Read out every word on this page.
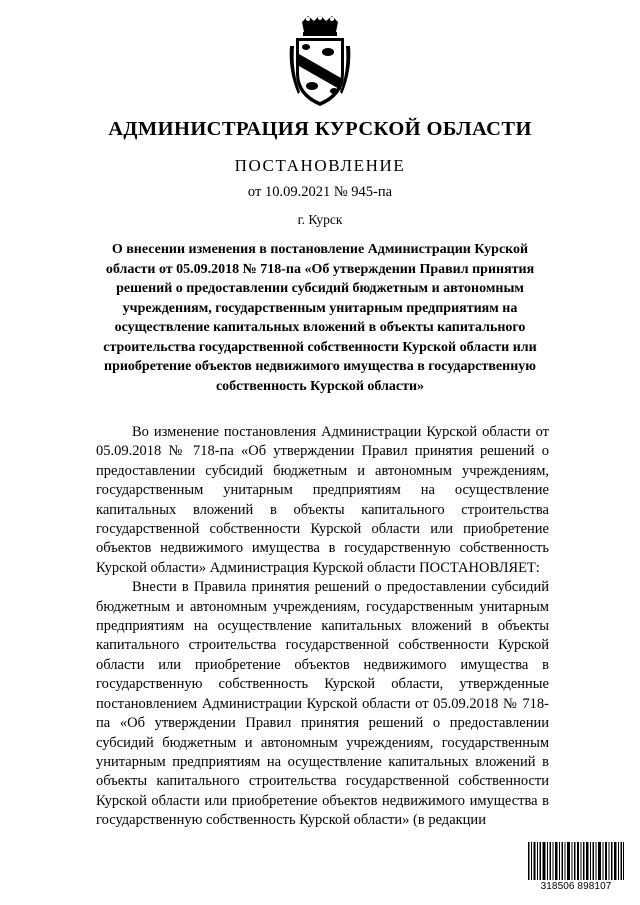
АДМИНИСТРАЦИЯ КУРСКОЙ ОБЛАСТИ
ПОСТАНОВЛЕНИЕ
от 10.09.2021 № 945-па
г. Курск
О внесении изменения в постановление Администрации Курской области от 05.09.2018 № 718-па «Об утверждении Правил принятия решений о предоставлении субсидий бюджетным и автономным учреждениям, государственным унитарным предприятиям на осуществление капитальных вложений в объекты капитального строительства государственной собственности Курской области или приобретение объектов недвижимого имущества в государственную собственность Курской области»

Во изменение постановления Администрации Курской области от 05.09.2018 № 718-па «Об утверждении Правил принятия решений о предоставлении субсидий бюджетным и автономным учреждениям, государственным унитарным предприятиям на осуществление капитальных вложений в объекты капитального строительства государственной собственности Курской области или приобретение объектов недвижимого имущества в государственную собственность Курской области» Администрация Курской области ПОСТАНОВЛЯЕТ:

Внести в Правила принятия решений о предоставлении субсидий бюджетным и автономным учреждениям, государственным унитарным предприятиям на осуществление капитальных вложений в объекты капитального строительства государственной собственности Курской области или приобретение объектов недвижимого имущества в государственную собственность Курской области, утвержденные постановлением Администрации Курской области от 05.09.2018 № 718-па «Об утверждении Правил принятия решений о предоставлении субсидий бюджетным и автономным учреждениям, государственным унитарным предприятиям на осуществление капитальных вложений в объекты капитального строительства государственной собственности Курской области или приобретение объектов недвижимого имущества в государственную собственность Курской области» (в редакции

318506 898107
